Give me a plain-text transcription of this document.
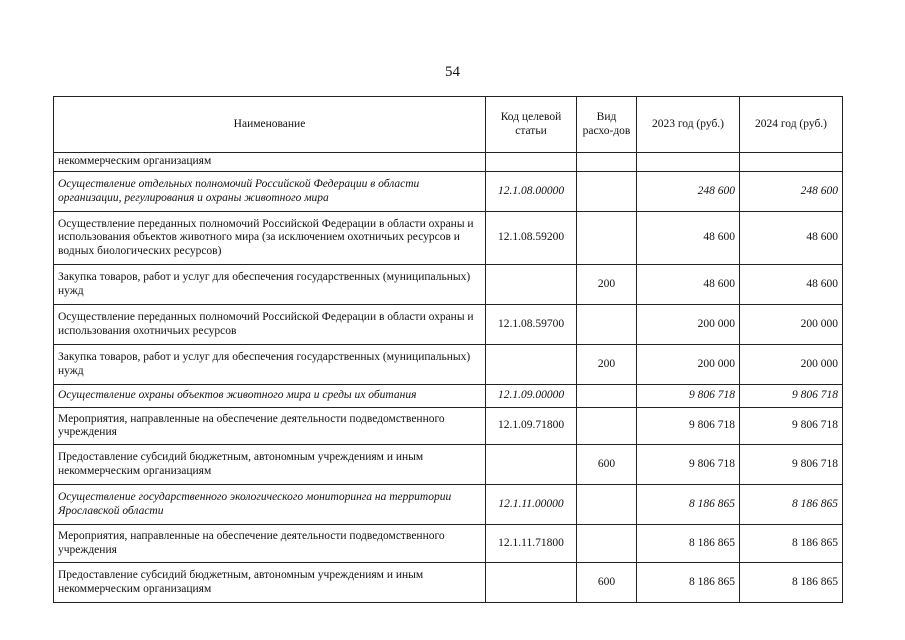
54
Наименование	Код целевой статьи	Вид расхо-дов	2023 год (руб.)	2024 год (руб.)
некоммерческим организациям				
Осуществление отдельных полномочий Российской Федерации в области организации, регулирования и охраны животного мира	12.1.08.00000		248 600	248 600
Осуществление переданных полномочий Российской Федерации в области охраны и использования объектов животного мира (за исключением охотничьих ресурсов и водных биологических ресурсов)	12.1.08.59200		48 600	48 600
Закупка товаров, работ и услуг для обеспечения государственных (муниципальных) нужд		200	48 600	48 600
Осуществление переданных полномочий Российской Федерации в области охраны и использования охотничьих ресурсов	12.1.08.59700		200 000	200 000
Закупка товаров, работ и услуг для обеспечения государственных (муниципальных) нужд		200	200 000	200 000
Осуществление охраны объектов животного мира и среды их обитания	12.1.09.00000		9 806 718	9 806 718
Мероприятия, направленные на обеспечение деятельности подведомственного учреждения	12.1.09.71800		9 806 718	9 806 718
Предоставление субсидий бюджетным, автономным учреждениям и иным некоммерческим организациям		600	9 806 718	9 806 718
Осуществление государственного экологического мониторинга на территории Ярославской области	12.1.11.00000		8 186 865	8 186 865
Мероприятия, направленные на обеспечение деятельности подведомственного учреждения	12.1.11.71800		8 186 865	8 186 865
Предоставление субсидий бюджетным, автономным учреждениям и иным некоммерческим организациям		600	8 186 865	8 186 865
